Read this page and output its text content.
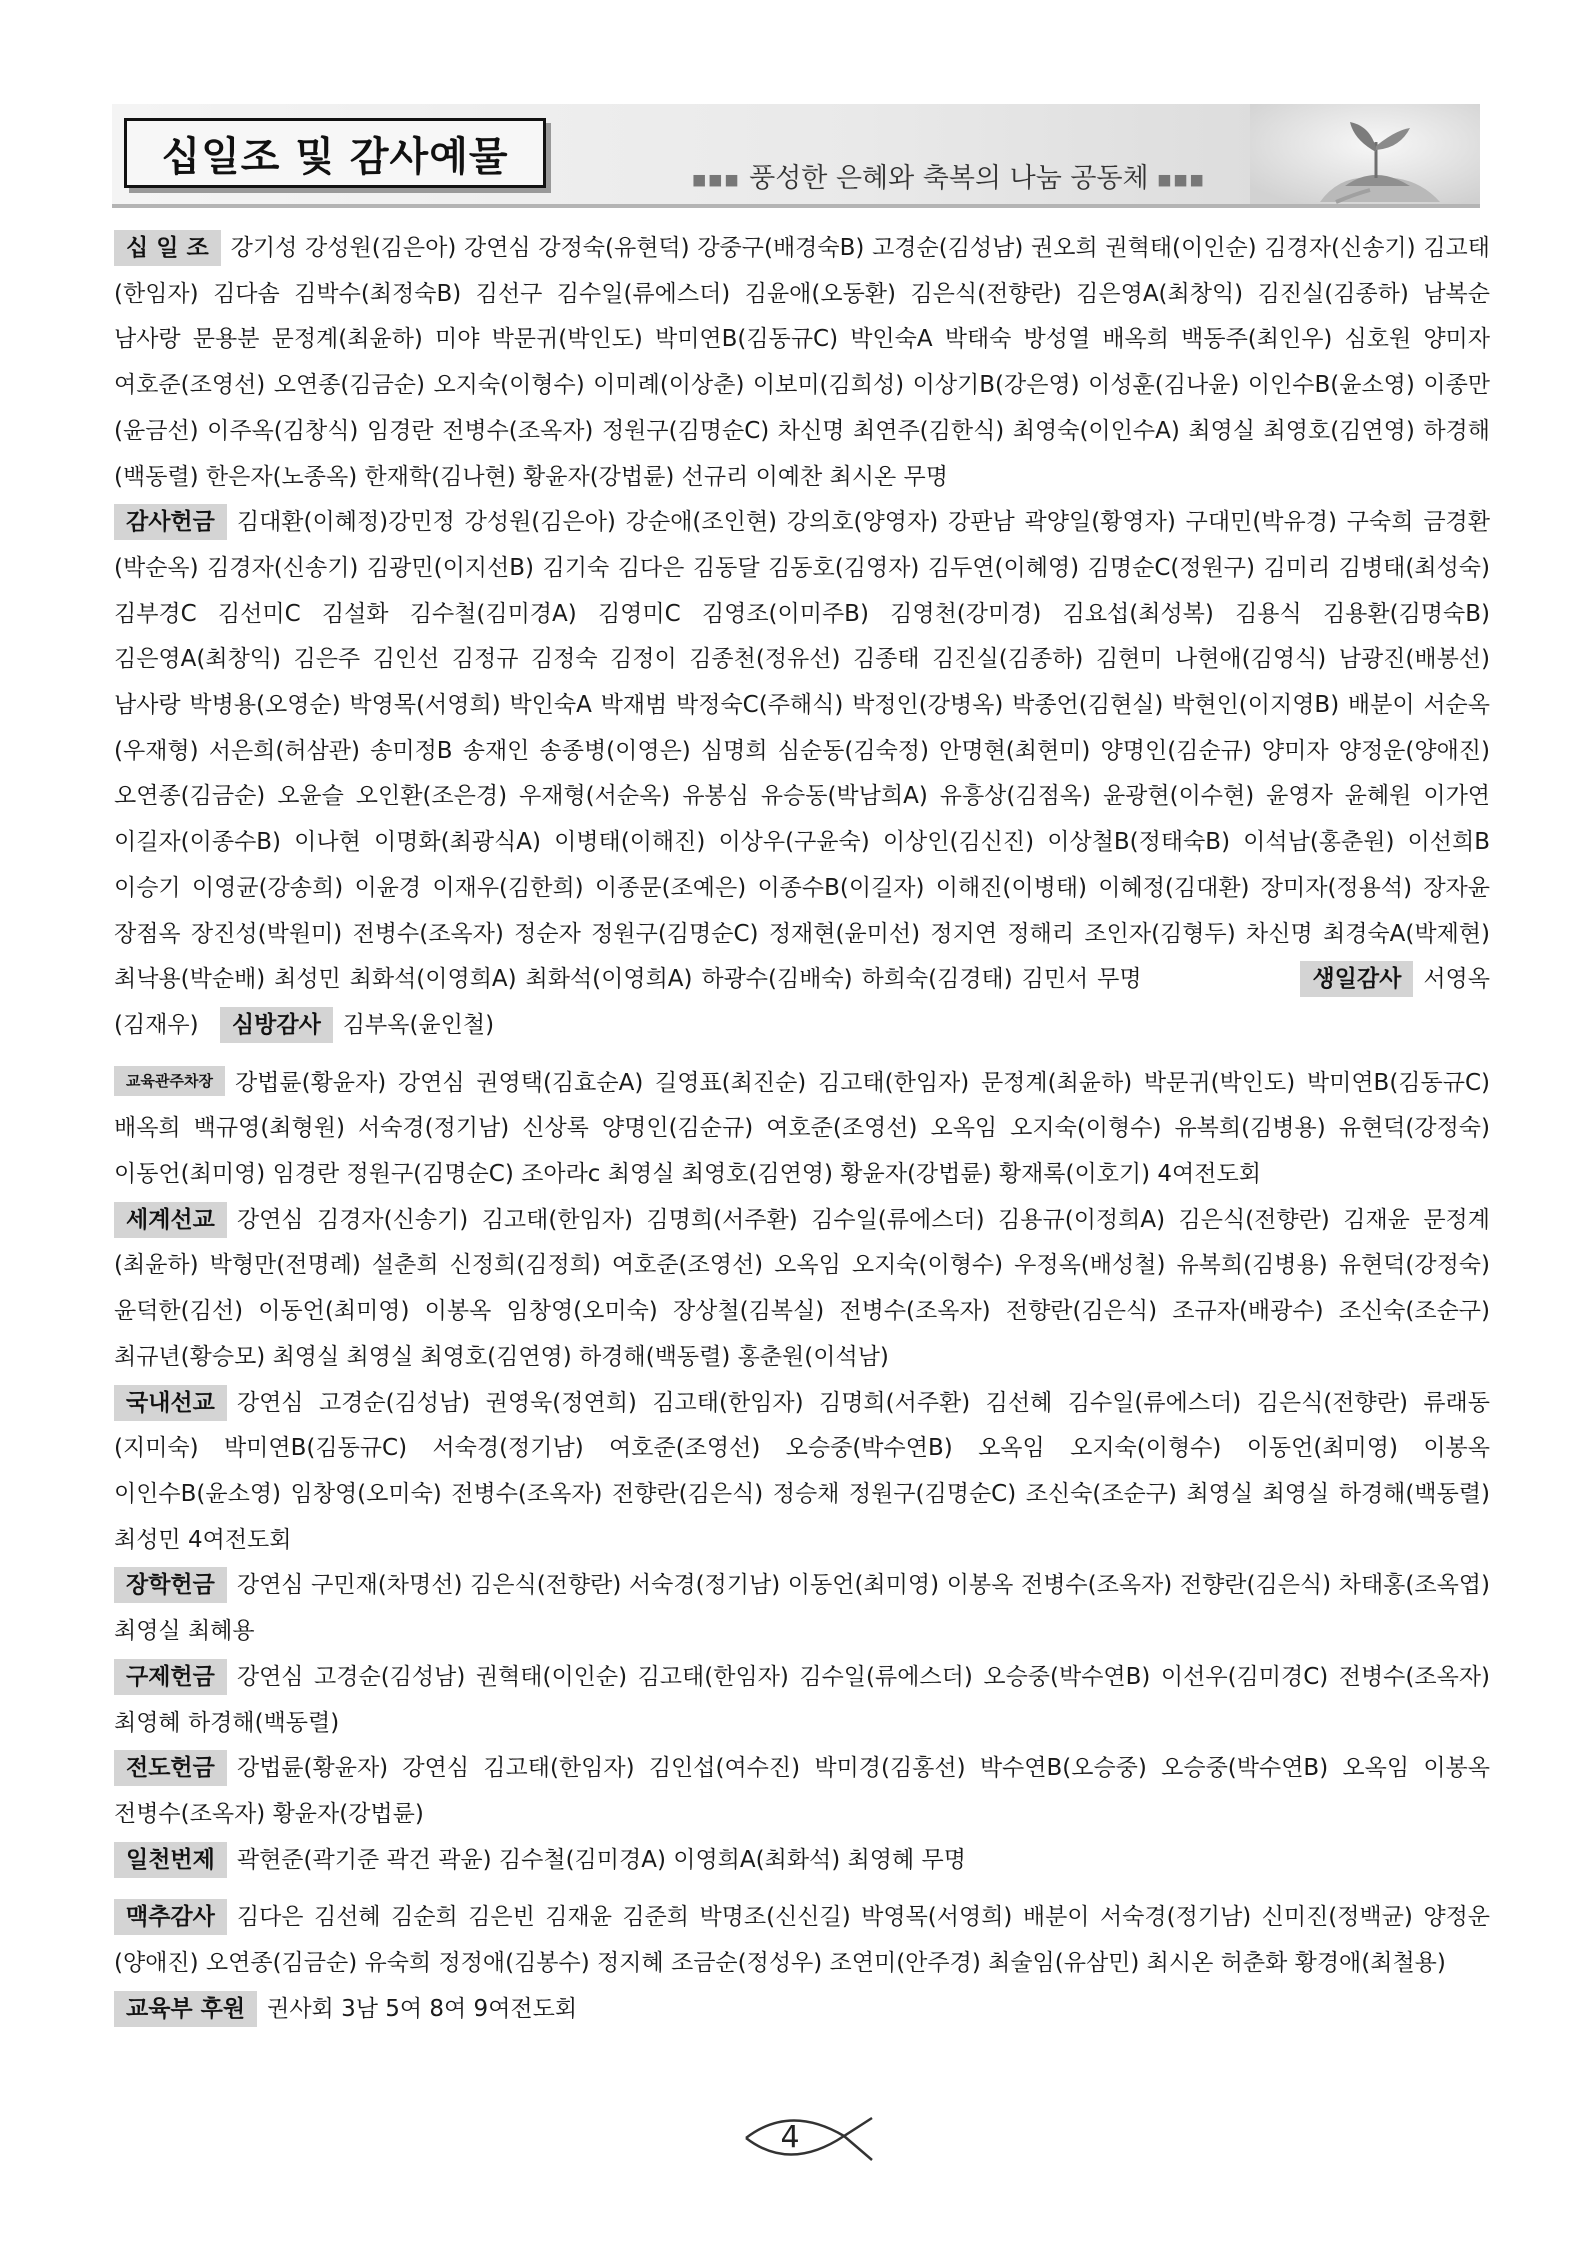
십일조 및 감사예물	■■■ 풍성한 은혜와 축복의 나눔 공동체 ■■■

십 일 조 강기성 강성원(김은아) 강연심 강정숙(유현덕) 강중구(배경숙B) 고경순(김성남) 권오희 권혁태(이인순) 김경자(신송기) 김고태(한임자) 김다솜 김박수(최정숙B) 김선구 김수일(류에스더) 김윤애(오동환) 김은식(전향란) 김은영A(최창익) 김진실(김종하) 남복순 남사랑 문용분 문정계(최윤하) 미야 박문귀(박인도) 박미연B(김동규C) 박인숙A 박태숙 방성열 배옥희 백동주(최인우) 심호원 양미자 여호준(조영선) 오연종(김금순) 오지숙(이형수) 이미례(이상춘) 이보미(김희성) 이상기B(강은영) 이성훈(김나윤) 이인수B(윤소영) 이종만(윤금선) 이주옥(김창식) 임경란 전병수(조옥자) 정원구(김명순C) 차신명 최연주(김한식) 최영숙(이인수A) 최영실 최영호(김연영) 하경해(백동렬) 한은자(노종옥) 한재학(김나현) 황윤자(강법륜) 선규리 이예찬 최시온 무명

감사헌금 김대환(이혜정)강민정 강성원(김은아) 강순애(조인현) 강의호(양영자) 강판남 곽양일(황영자) 구대민(박유경) 구숙희 금경환(박순옥) 김경자(신송기) 김광민(이지선B) 김기숙 김다은 김동달 김동호(김영자) 김두연(이혜영) 김명순C(정원구) 김미리 김병태(최성숙) 김부경C 김선미C 김설화 김수철(김미경A) 김영미C 김영조(이미주B) 김영천(강미경) 김요섭(최성복) 김용식 김용환(김명숙B) 김은영A(최창익) 김은주 김인선 김정규 김정숙 김정이 김종천(정유선) 김종태 김진실(김종하) 김현미 나현애(김영식) 남광진(배봉선) 남사랑 박병용(오영순) 박영목(서영희) 박인숙A 박재범 박정숙C(주해식) 박정인(강병옥) 박종언(김현실) 박현인(이지영B) 배분이 서순옥(우재형) 서은희(허삼관) 송미정B 송재인 송종병(이영은) 심명희 심순동(김숙정) 안명현(최현미) 양명인(김순규) 양미자 양정운(양애진) 오연종(김금순) 오윤슬 오인환(조은경) 우재형(서순옥) 유봉심 유승동(박남희A) 유흥상(김점옥) 윤광현(이수현) 윤영자 윤혜원 이가연 이길자(이종수B) 이나현 이명화(최광식A) 이병태(이해진) 이상우(구윤숙) 이상인(김신진) 이상철B(정태숙B) 이석남(홍춘원) 이선희B 이승기 이영균(강송희) 이윤경 이재우(김한희) 이종문(조예은) 이종수B(이길자) 이해진(이병태) 이혜정(김대환) 장미자(정용석) 장자윤 장점옥 장진성(박원미) 전병수(조옥자) 정순자 정원구(김명순C) 정재현(윤미선) 정지연 정해리 조인자(김형두) 차신명 최경숙A(박제현) 최낙용(박순배) 최성민 최화석(이영희A) 최화석(이영희A) 하광수(김배숙) 하희숙(김경태) 김민서 무명	생일감사 서영옥(김재우) 심방감사 김부옥(윤인철)

교육관주차장 강법륜(황윤자) 강연심 권영택(김효순A) 길영표(최진순) 김고태(한임자) 문정계(최윤하) 박문귀(박인도) 박미연B(김동규C) 배옥희 백규영(최형원) 서숙경(정기남) 신상록 양명인(김순규) 여호준(조영선) 오옥임 오지숙(이형수) 유복희(김병용) 유현덕(강정숙) 이동언(최미영) 임경란 정원구(김명순C) 조아라c 최영실 최영호(김연영) 황윤자(강법륜) 황재록(이호기) 4여전도회

세계선교 강연심 김경자(신송기) 김고태(한임자) 김명희(서주환) 김수일(류에스더) 김용규(이정희A) 김은식(전향란) 김재윤 문정계(최윤하) 박형만(전명례) 설춘희 신정희(김정희) 여호준(조영선) 오옥임 오지숙(이형수) 우정옥(배성철) 유복희(김병용) 유현덕(강정숙) 윤덕한(김선) 이동언(최미영) 이봉옥 임창영(오미숙) 장상철(김복실) 전병수(조옥자) 전향란(김은식) 조규자(배광수) 조신숙(조순구) 최규년(황승모) 최영실 최영실 최영호(김연영) 하경해(백동렬) 홍춘원(이석남)

국내선교 강연심 고경순(김성남) 권영욱(정연희) 김고태(한임자) 김명희(서주환) 김선혜 김수일(류에스더) 김은식(전향란) 류래동(지미숙) 박미연B(김동규C) 서숙경(정기남) 여호준(조영선) 오승중(박수연B) 오옥임 오지숙(이형수) 이동언(최미영) 이봉옥 이인수B(윤소영) 임창영(오미숙) 전병수(조옥자) 전향란(김은식) 정승채 정원구(김명순C) 조신숙(조순구) 최영실 최영실 하경해(백동렬) 최성민 4여전도회

장학헌금 강연심 구민재(차명선) 김은식(전향란) 서숙경(정기남) 이동언(최미영) 이봉옥 전병수(조옥자) 전향란(김은식) 차태홍(조옥엽) 최영실 최혜용

구제헌금 강연심 고경순(김성남) 권혁태(이인순) 김고태(한임자) 김수일(류에스더) 오승중(박수연B) 이선우(김미경C) 전병수(조옥자) 최영혜 하경해(백동렬)

전도헌금 강법륜(황윤자) 강연심 김고태(한임자) 김인섭(여수진) 박미경(김홍선) 박수연B(오승중) 오승중(박수연B) 오옥임 이봉옥 전병수(조옥자) 황윤자(강법륜)

일천번제 곽현준(곽기준 곽건 곽윤) 김수철(김미경A) 이영희A(최화석) 최영혜 무명

맥추감사 김다은 김선혜 김순희 김은빈 김재윤 김준희 박명조(신신길) 박영목(서영희) 배분이 서숙경(정기남) 신미진(정백균) 양정운(양애진) 오연종(김금순) 유숙희 정정애(김봉수) 정지혜 조금순(정성우) 조연미(안주경) 최술임(유삼민) 최시온 허춘화 황경애(최철용)

교육부 후원 권사회 3남 5여 8여 9여전도회

4
